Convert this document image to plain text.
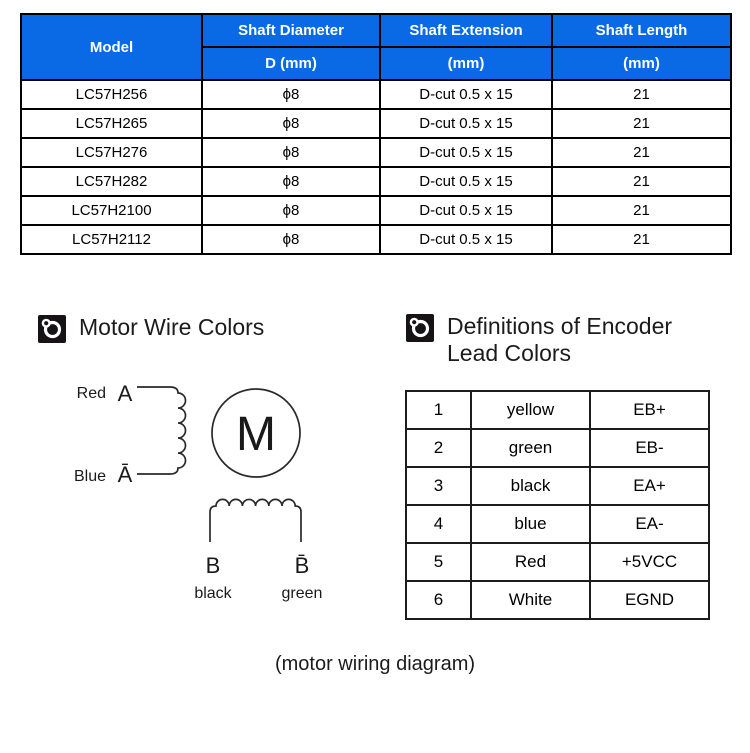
Model	Shaft Diameter	Shaft Extension	Shaft Length
	D (mm)	(mm)	(mm)
LC57H256	ϕ8	D-cut 0.5 x 15	21
LC57H265	ϕ8	D-cut 0.5 x 15	21
LC57H276	ϕ8	D-cut 0.5 x 15	21
LC57H282	ϕ8	D-cut 0.5 x 15	21
LC57H2100	ϕ8	D-cut 0.5 x 15	21
LC57H2112	ϕ8	D-cut 0.5 x 15	21
Motor Wire Colors	Definitions of Encoder
Lead Colors
Red A
Blue Ā
M
B	B̄
black	green
1	yellow	EB+
2	green	EB-
3	black	EA+
4	blue	EA-
5	Red	+5VCC
6	White	EGND
(motor wiring diagram)
